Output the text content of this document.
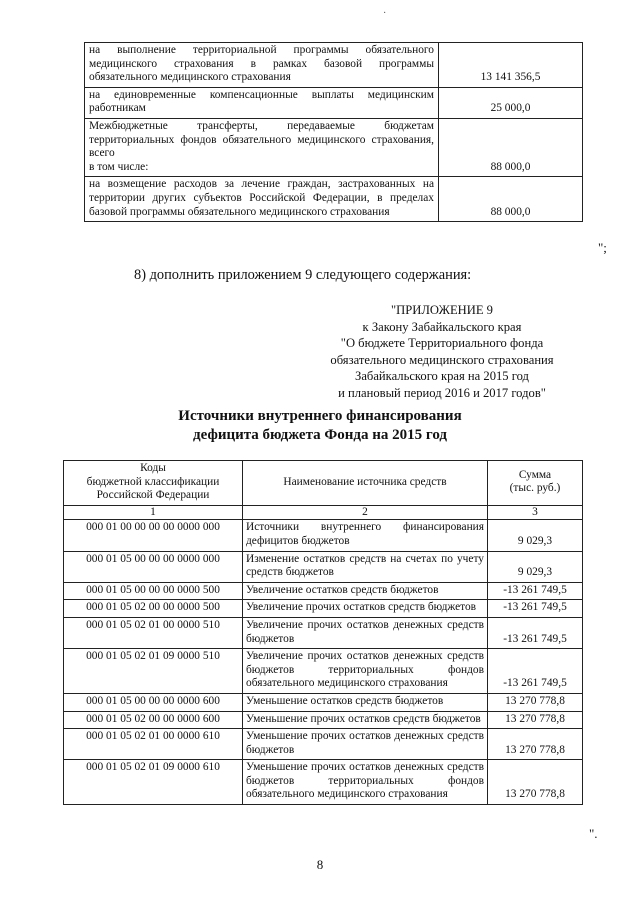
·
на выполнение территориальной программы обязательного медицинского страхования в рамках базовой программы обязательного медицинского страхования	13 141 356,5
на единовременные компенсационные выплаты медицинским работникам	25 000,0
Межбюджетные трансферты, передаваемые бюджетам территориальных фондов обязательного медицинского страхования, всего
в том числе:	88 000,0
на возмещение расходов за лечение граждан, застрахованных на территории других субъектов Российской Федерации, в пределах базовой программы обязательного медицинского страхования	88 000,0
";
8) дополнить приложением 9 следующего содержания:
"ПРИЛОЖЕНИЕ 9
к Закону Забайкальского края
"О бюджете Территориального фонда
обязательного медицинского страхования
Забайкальского края на 2015 год
и плановый период 2016 и 2017 годов"
Источники внутреннего финансирования
дефицита бюджета Фонда на 2015 год
Коды
бюджетной классификации
Российской Федерации	Наименование источника средств	Сумма
(тыс. руб.)
1	2	3
000 01 00 00 00 00 0000 000	Источники внутреннего финансирования дефицитов бюджетов	9 029,3
000 01 05 00 00 00 0000 000	Изменение остатков средств на счетах по учету средств бюджетов	9 029,3
000 01 05 00 00 00 0000 500	Увеличение остатков средств бюджетов	-13 261 749,5
000 01 05 02 00 00 0000 500	Увеличение прочих остатков средств бюджетов	-13 261 749,5
000 01 05 02 01 00 0000 510	Увеличение прочих остатков денежных средств бюджетов	-13 261 749,5
000 01 05 02 01 09 0000 510	Увеличение прочих остатков денежных средств бюджетов территориальных фондов обязательного медицинского страхования	-13 261 749,5
000 01 05 00 00 00 0000 600	Уменьшение остатков средств бюджетов	13 270 778,8
000 01 05 02 00 00 0000 600	Уменьшение прочих остатков средств бюджетов	13 270 778,8
000 01 05 02 01 00 0000 610	Уменьшение прочих остатков денежных средств бюджетов	13 270 778,8
000 01 05 02 01 09 0000 610	Уменьшение прочих остатков денежных средств бюджетов территориальных фондов обязательного медицинского страхования	13 270 778,8
".
8
